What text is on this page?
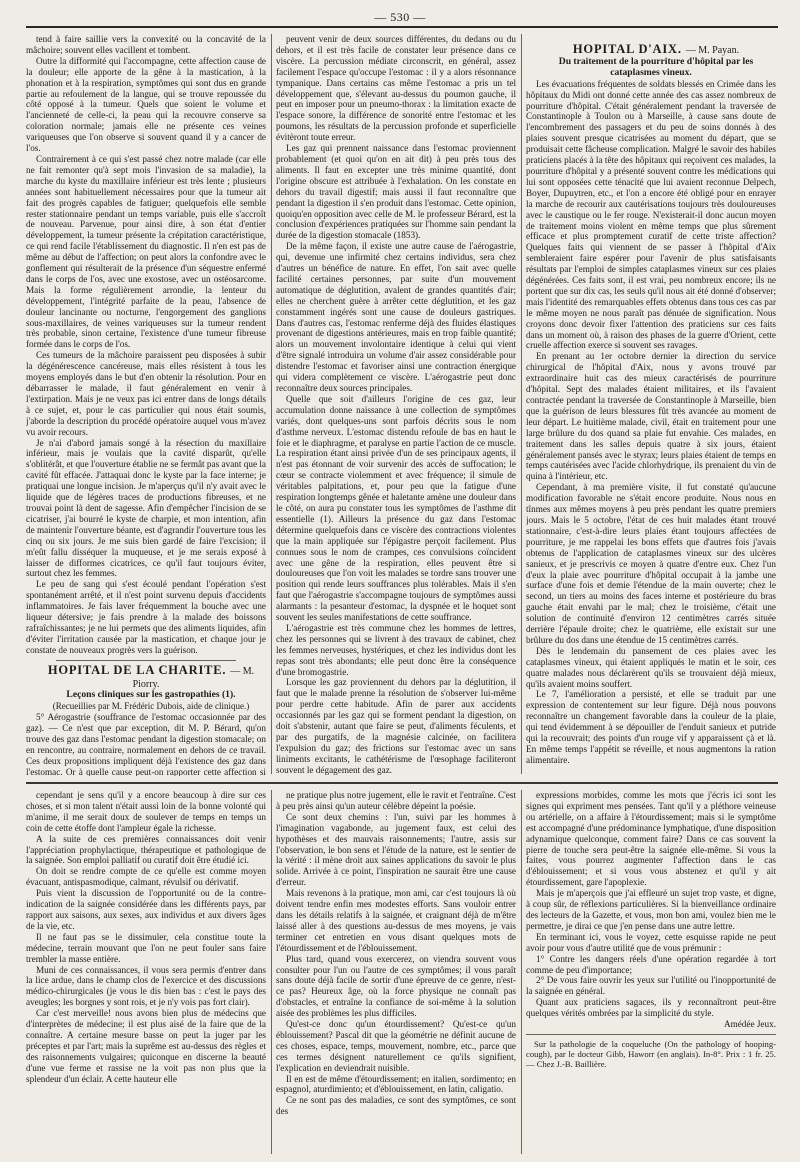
— 530 —

tend à faire saillie vers la convexité ou la concavité de la mâchoire; souvent elles vacillent et tombent.

Outre la difformité qui l'accompagne, cette affection cause de la douleur; elle apporte de la gêne à la mastication, à la phonation et à la respiration, symptômes qui sont dus en grande partie au refoulement de la langue, qui se trouve repoussée du côté opposé à la tumeur. Quels que soient le volume et l'ancienneté de celle-ci, la peau qui la recouvre conserve sa coloration normale; jamais elle ne présente ces veines variqueuses que l'on observe si souvent quand il y a cancer de l'os.

Contrairement à ce qui s'est passé chez notre malade (car elle ne fait remonter qu'à sept mois l'invasion de sa maladie), la marche du kyste du maxillaire inférieur est très lente ; plusieurs années sont habituellement nécessaires pour que la tumeur ait fait des progrès capables de fatiguer; quelquefois elle semble rester stationnaire pendant un temps variable, puis elle s'accroît de nouveau. Parvenue, pour ainsi dire, à son état d'entier développement, la tumeur présente la crépitation caractéristique, ce qui rend facile l'établissement du diagnostic. Il n'en est pas de même au début de l'affection; on peut alors la confondre avec le gonflement qui résulterait de la présence d'un séquestre enfermé dans le corps de l'os, avec une exostose, avec un ostéosarcome. Mais la forme régulièrement arrondie, la lenteur du développement, l'intégrité parfaite de la peau, l'absence de douleur lancinante ou nocturne, l'engorgement des ganglions sous-maxillaires, de veines variqueuses sur la tumeur rendent très probable, sinon certaine, l'existence d'une tumeur fibreuse formée dans le corps de l'os.

Ces tumeurs de la mâchoire paraissent peu disposées à subir la dégénérescence cancéreuse, mais elles résistent à tous les moyens employés dans le but d'en obtenir la résolution. Pour en débarrasser le malade, il faut généralement en venir à l'extirpation. Mais je ne veux pas ici entrer dans de longs détails à ce sujet, et, pour le cas particulier qui nous était soumis, j'aborde la description du procédé opératoire auquel vous m'avez vu avoir recours.

Je n'ai d'abord jamais songé à la résection du maxillaire inférieur, mais je voulais que la cavité disparût, qu'elle s'oblitérât, et que l'ouverture établie ne se fermât pas avant que la cavité fût effacée. J'attaquai donc le kyste par la face interne; je pratiquai une longue incision. Je m'aperçus qu'il n'y avait avec le liquide que de légères traces de productions fibreuses, et ne trouvai point là dent de sagesse. Afin d'empêcher l'incision de se cicatriser, j'ai bourré le kyste de charpie, et mon intention, afin de maintenir l'ouverture béante, est d'agrandir l'ouverture tous les cinq ou six jours. Je me suis bien gardé de faire l'excision; il m'eût fallu disséquer la muqueuse, et je me serais exposé à laisser de difformes cicatrices, ce qu'il faut toujours éviter, surtout chez les femmes.

Le peu de sang qui s'est écoulé pendant l'opération s'est spontanément arrêté, et il n'est point survenu depuis d'accidents inflammatoires. Je fais laver fréquemment la bouche avec une liqueur détersive; je fais prendre à la malade des boissons rafraîchissantes; je ne lui permets que des aliments liquides, afin d'éviter l'irritation causée par la mastication, et chaque jour je constate de nouveaux progrès vers la guérison.

HOPITAL DE LA CHARITE. — M. Piorry.

Leçons cliniques sur les gastropathies (1).

(Recueillies par M. Frédéric Dubois, aide de clinique.)

5° Aérogastrie (souffrance de l'estomac occasionnée par des gaz). — Ce n'est que par exception, dit M. P. Bérard, qu'on trouve des gaz dans l'estomac pendant la digestion stomacale; on en rencontre, au contraire, normalement en dehors de ce travail. Ces deux propositions impliquent déjà l'existence des gaz dans l'estomac. Or à quelle cause peut-on rapporter cette affection si

peuvent venir de deux sources différentes, du dedans ou du dehors, et il est très facile de constater leur présence dans ce viscère. La percussion médiate circonscrit, en général, assez facilement l'espace qu'occupe l'estomac : il y a alors résonnance tympanique. Dans certains cas même l'estomac a pris un tel développement que, s'élevant au-dessus du poumon gauche, il peut en imposer pour un pneumo-thorax : la limitation exacte de l'espace sonore, la différence de sonorité entre l'estomac et les poumons, les résultats de la percussion profonde et superficielle évitèront toute erreur.

Les gaz qui prennent naissance dans l'estomac proviennent probablement (et quoi qu'on en ait dit) à peu près tous des aliments. Il faut en excepter une très minime quantité, dont l'origine obscure est attribuée à l'exhalation. On les constate en dehors du travail digestif; mais aussi il faut reconnaître que pendant la digestion il s'en produit dans l'estomac. Cette opinion, quoiqu'en opposition avec celle de M. le professeur Bérard, est la conclusion d'expériences pratiquées sur l'homme sain pendant la durée de la digestion stomacale (1853).

De la même façon, il existe une autre cause de l'aérogastrie, qui, devenue une infirmité chez certains individus, sera chez d'autres un bénéfice de nature. En effet, l'on sait avec quelle facilité certaines personnes, par suite d'un mouvement automatique de déglutition, avalent de grandes quantités d'air; elles ne cherchent guère à arrêter cette déglutition, et les gaz constamment ingérés sont une cause de douleurs gastriques. Dans d'autres cas, l'estomac renferme déjà des fluides élastiques provenant de digestions antérieures, mais en trop faible quantité; alors un mouvement involontaire identique à celui qui vient d'être signalé introduira un volume d'air assez considérable pour distendre l'estomac et favoriser ainsi une contraction énergique qui videra complètement ce viscère. L'aérogastrie peut donc reconnaître deux sources principales.

Quelle que soit d'ailleurs l'origine de ces gaz, leur accumulation donne naissance à une collection de symptômes variés, dont quelques-uns sont parfois décrits sous le nom d'asthme nerveux. L'estomac distendu refoule de bas en haut le foie et le diaphragme, et paralyse en partie l'action de ce muscle. La respiration étant ainsi privée d'un de ses principaux agents, il n'est pas étonnant de voir survenir des accès de suffocation; le cœur se contracte violemment et avec fréquence; il simule de véritables palpitations, et, pour peu que la fatigue d'une respiration longtemps gênée et haletante amène une douleur dans le côté, on aura pu constater tous les symptômes de l'asthme dit essentielle (1). Ailleurs la présence du gaz dans l'estomac détermine quelquefois dans ce viscère des contractions violentes que la main appliquée sur l'épigastre perçoit facilement. Plus connues sous le nom de crampes, ces convulsions coïncident avec une gêne de la respiration, elles peuvent être si douloureuses que l'on voit les malades se tordre sans trouver une position qui rende leurs souffrances plus tolérables. Mais il s'en faut que l'aérogastrie s'accompagne toujours de symptômes aussi alarmants : la pesanteur d'estomac, la dyspnée et le hoquet sont souvent les seules manifestations de cette souffrance.

L'aérogastrie est très commune chez les hommes de lettres, chez les personnes qui se livrent à des travaux de cabinet, chez les femmes nerveuses, hystériques, et chez les individus dont les repas sont très abondants; elle peut donc être la conséquence d'une bromogastrie.

Lorsque les gaz proviennent du dehors par la déglutition, il faut que le malade prenne la résolution de s'observer lui-même pour perdre cette habitude. Afin de parer aux accidents occasionnés par les gaz qui se forment pendant la digestion, on doit s'abstenir, autant que faire se peut, d'aliments féculents, et par des purgatifs, de la magnésie calcinée, on facilitera l'expulsion du gaz; des frictions sur l'estomac avec un sans liniments excitants, le cathétérisme de l'œsophage faciliteront souvent le dégagement des gaz.

HOPITAL D'AIX. — M. Payan.

Du traitement de la pourriture d'hôpital par les cataplasmes vineux.

Les évacuations fréquentes de soldats blessés en Crimée dans les hôpitaux du Midi ont donné cette année des cas assez nombreux de pourriture d'hôpital. C'était généralement pendant la traversée de Constantinople à Toulon ou à Marseille, à cause sans doute de l'encombrement des passagers et du peu de soins donnés à des plaies souvent presque cicatrisées au moment du départ, que se produisait cette fâcheuse complication. Malgré le savoir des habiles praticiens placés à la tête des hôpitaux qui reçoivent ces malades, la pourriture d'hôpital y a présenté souvent contre les médications qui lui sont opposées cette ténacité que lui avaient reconnue Delpech, Boyer, Dupuytren, etc., et l'on a encore été obligé pour en enrayer la marche de recourir aux cautérisations toujours très douloureuses avec le caustique ou le fer rouge. N'existerait-il donc aucun moyen de traitement moins violent en même temps que plus sûrement efficace et plus promptement curatif de cette triste affection? Quelques faits qui viennent de se passer à l'hôpital d'Aix sembleraient faire espérer pour l'avenir de plus satisfaisants résultats par l'emploi de simples cataplasmes vineux sur ces plaies dégénérées. Ces faits sont, il est vrai, peu nombreux encore; ils ne portent que sur dix cas, les seuls qu'il nous ait été donné d'observer; mais l'identité des remarquables effets obtenus dans tous ces cas par le même moyen ne nous paraît pas dénuée de signification. Nous croyons donc devoir fixer l'attention des praticiens sur ces faits dans un moment où, à raison des phases de la guerre d'Orient, cette cruelle affection exerce si souvent ses ravages.

En prenant au 1er octobre dernier la direction du service chirurgical de l'hôpital d'Aix, nous y avons trouvé par extraordinaire huit cas des mieux caractérisés de pourriture d'hôpital. Sept des malades étaient militaires, et ils l'avaient contractée pendant la traversée de Constantinople à Marseille, bien que la guérison de leurs blessures fût très avancée au moment de leur départ. Le huitième malade, civil, était en traitement pour une large brûlure du dos quand sa plaie fut envahie. Ces malades, en traitement dans les salles depuis quatre à six jours, étaient généralement pansés avec le styrax; leurs plaies étaient de temps en temps cautérisées avec l'acide chlorhydrique, ils prenaient du vin de quina à l'intérieur, etc.

Cependant, à ma première visite, il fut constaté qu'aucune modification favorable ne s'était encore produite. Nous nous en tînmes aux mêmes moyens à peu près pendant les quatre premiers jours. Mais le 5 octobre, l'état de ces huit malades étant trouvé stationnaire, c'est-à-dire leurs plaies étant toujours affectées de pourriture, je me rappelai les bons effets que d'autres fois j'avais obtenus de l'application de cataplasmes vineux sur des ulcères sanieux, et je prescrivis ce moyen à quatre d'entre eux. Chez l'un d'eux la plaie avec pourriture d'hôpital occupait à la jambe une surface d'une fois et demie l'étendue de la main ouverte; chez le second, un tiers au moins des faces interne et postérieure du bras gauche était envahi par le mal; chez le troisième, c'était une solution de continuité d'environ 12 centimètres carrés située derrière l'épaule droite; chez le quatrième, elle existait sur une brûlure du dos dans une étendue de 15 centimètres carrés.

Dès le lendemain du pansement de ces plaies avec les cataplasmes vineux, qui étaient appliqués le matin et le soir, ces quatre malades nous déclarèrent qu'ils se trouvaient déjà mieux, qu'ils avaient moins souffert.

Le 7, l'amélioration a persisté, et elle se traduit par une expression de contentement sur leur figure. Déjà nous pouvons reconnaître un changement favorable dans la couleur de la plaie, qui tend évidemment à se dépouiller de l'enduit sanieux et putride qui la recouvrait; des points d'un rouge vif y apparaissent çà et là. En même temps l'appétit se réveille, et nous augmentons la ration alimentaire.

cependant je sens qu'il y a encore beaucoup à dire sur ces choses, et si mon talent n'était aussi loin de la bonne volonté qui m'anime, il me serait doux de soulever de temps en temps un coin de cette étoffe dont l'ampleur égale la richesse.

A la suite de ces premières connaissances doit venir l'appréciation prophylactique, thérapeutique et pathologique de la saignée. Son emploi palliatif ou curatif doit être étudié ici.

On doit se rendre compte de ce qu'elle est comme moyen évacuant, antispasmodique, calmant, révulsif ou dérivatif.

Puis vient la discussion de l'opportunité ou de la contre-indication de la saignée considérée dans les différents pays, par rapport aux saisons, aux sexes, aux individus et aux divers âges de la vie, etc.

Il ne faut pas se le dissimuler, cela constitue toute la médecine, terrain mouvant que l'on ne peut fouler sans faire trembler la masse entière.

Muni de ces connaissances, il vous sera permis d'entrer dans la lice ardue, dans le champ clos de l'exercice et des discussions médico-chirurgicales (je vous le dis bien bas : c'est le pays des aveugles; les borgnes y sont rois, et je n'y vois pas fort clair).

Car c'est merveille! nous avons bien plus de médecins que d'interprètes de médecine; il est plus aisé de la faire que de la connaître. A certaine mesure basse on peut la juger par les préceptes et par l'art; mais la suprême est au-dessus des règles et des raisonnements vulgaires; quiconque en discerne la beauté d'une vue ferme et rassise ne la voit pas non plus que la splendeur d'un éclair. A cette hauteur elle

ne pratique plus notre jugement, elle le ravit et l'entraîne. C'est à peu près ainsi qu'un auteur célèbre dépeint la poésie.

Ce sont deux chemins : l'un, suivi par les hommes à l'imagination vagabonde, au jugement faux, est celui des hypothèses et des mauvais raisonnements; l'autre, assis sur l'observation, le bon sens et l'étude de la nature, est le sentier de la vérité : il mène droit aux saines applications du savoir le plus solide. Arrivée à ce point, l'inspiration ne saurait être une cause d'erreur.

Mais revenons à la pratique, mon ami, car c'est toujours là où doivent tendre enfin mes modestes efforts. Sans vouloir entrer dans les détails relatifs à la saignée, et craignant déjà de m'être laissé aller à des questions au-dessus de mes moyens, je vais terminer cet entretien en vous disant quelques mots de l'étourdissement et de l'éblouissement.

Plus tard, quand vous exercerez, on viendra souvent vous consulter pour l'un ou l'autre de ces symptômes; il vous paraît sans doute déjà facile de sortir d'une épreuve de ce genre, n'est-ce pas? Heureux âge, où la force physique ne connaît pas d'obstacles, et entraîne la confiance de soi-même à la solution aisée des problèmes les plus difficiles.

Qu'est-ce donc qu'un étourdissement? Qu'est-ce qu'un éblouissement? Pascal dit que la géométrie ne définit aucune de ces choses, espace, temps, mouvement, nombre, etc., parce que ces termes désignent naturellement ce qu'ils signifient, l'explication en deviendrait nuisible.

Il en est de même d'étourdissement; en italien, sordimento; en espagnol, aturdimiento; et d'éblouissement, en latin, caligatio.

Ce ne sont pas des maladies, ce sont des symptômes, ce sont des

expressions morbides, comme les mots que j'écris ici sont les signes qui expriment mes pensées. Tant qu'il y a pléthore veineuse ou artérielle, on a affaire à l'étourdissement; mais si le symptôme est accompagné d'une prédominance lymphatique, d'une disposition adynamique quelconque, comment faire? Dans ce cas souvent la pierre de touche sera peut-être la saignée elle-même. Si vous la faites, vous pourrez augmenter l'affection dans le cas d'éblouissement; et si vous vous abstenez et qu'il y ait étourdissement, gare l'apoplexie.

Mais je m'aperçois que j'ai effleuré un sujet trop vaste, et digne, à coup sûr, de réflexions particulières. Si la bienveillance ordinaire des lecteurs de la Gazette, et vous, mon bon ami, voulez bien me le permettre, je dirai ce que j'en pense dans une autre lettre.

En terminant ici, vous le voyez, cette esquisse rapide ne peut avoir pour vous d'autre utilité que de vous prémunir :

1° Contre les dangers réels d'une opération regardée à tort comme de peu d'importance;

2° De vous faire ouvrir les yeux sur l'utilité ou l'inopportunité de la saignée en général.

Quant aux praticiens sagaces, ils y reconnaîtront peut-être quelques vérités ombrées par la simplicité du style.

Amédée Jeux.

Sur la pathologie de la coqueluche (On the pathology of hooping-cough), par le docteur Gibb, Haworr (en anglais). In-8°. Prix : 1 fr. 25. — Chez J.-B. Baillière.
